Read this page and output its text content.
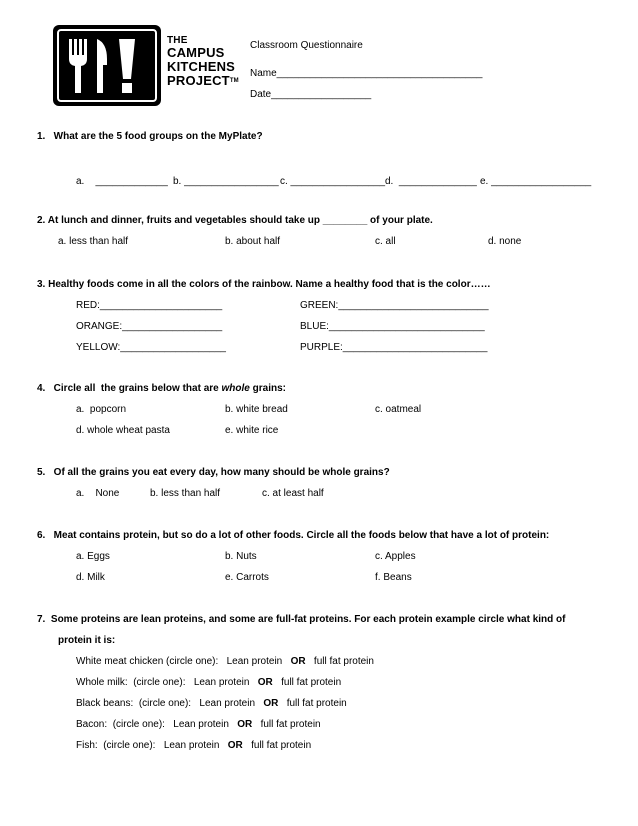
THE
CAMPUS
KITCHENS
PROJECT™
Classroom Questionnaire
Name_____________________________________
Date__________________
1.   What are the 5 food groups on the MyPlate?
a.    _____________ b. _________________ c. _________________ d.  ______________ e. __________________
2. At lunch and dinner, fruits and vegetables should take up ________ of your plate.
a. less than half	b. about half	c. all	d. none
3. Healthy foods come in all the colors of the rainbow. Name a healthy food that is the color……
RED:______________________	GREEN:___________________________
ORANGE:__________________	BLUE:____________________________
YELLOW:___________________	PURPLE:__________________________
4.   Circle all  the grains below that are whole grains:
a.  popcorn	b. white bread	c. oatmeal
d. whole wheat pasta	e. white rice
5.   Of all the grains you eat every day, how many should be whole grains?
a.    None	b. less than half	c. at least half
6.   Meat contains protein, but so do a lot of other foods. Circle all the foods below that have a lot of protein:
a. Eggs	b. Nuts	c. Apples
d. Milk	e. Carrots	f. Beans
7.  Some proteins are lean proteins, and some are full-fat proteins. For each protein example circle what kind of
protein it is:
White meat chicken (circle one): Lean protein OR full fat protein
Whole milk:  (circle one): Lean protein OR full fat protein
Black beans:  (circle one): Lean protein OR full fat protein
Bacon:  (circle one): Lean protein OR full fat protein
Fish:  (circle one): Lean protein OR full fat protein
